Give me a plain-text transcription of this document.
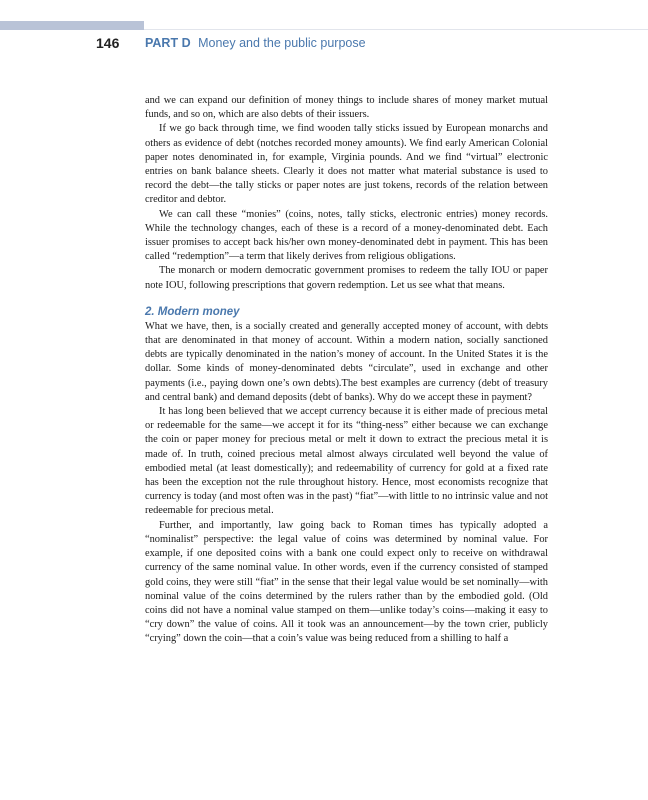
146 PART D Money and the public purpose

and we can expand our definition of money things to include shares of money market mutual funds, and so on, which are also debts of their issuers.

If we go back through time, we find wooden tally sticks issued by European monarchs and others as evidence of debt (notches recorded money amounts). We find early American Colonial paper notes denominated in, for example, Virginia pounds. And we find “virtual” electronic entries on bank balance sheets. Clearly it does not matter what material substance is used to record the debt—the tally sticks or paper notes are just tokens, records of the relation between creditor and debtor.

We can call these “monies” (coins, notes, tally sticks, electronic entries) money records. While the technology changes, each of these is a record of a money-denominated debt. Each issuer promises to accept back his/her own money-denominated debt in payment. This has been called “redemption”—a term that likely derives from religious obligations.

The monarch or modern democratic government promises to redeem the tally IOU or paper note IOU, following prescriptions that govern redemption. Let us see what that means.

2. Modern money

What we have, then, is a socially created and generally accepted money of account, with debts that are denominated in that money of account. Within a modern nation, socially sanctioned debts are typically denominated in the nation’s money of account. In the United States it is the dollar. Some kinds of money-denominated debts “circulate”, used in exchange and other payments (i.e., paying down one’s own debts).The best examples are currency (debt of treasury and central bank) and demand deposits (debt of banks). Why do we accept these in payment?

It has long been believed that we accept currency because it is either made of precious metal or redeemable for the same—we accept it for its “thing-ness” either because we can exchange the coin or paper money for precious metal or melt it down to extract the precious metal it is made of. In truth, coined precious metal almost always circulated well beyond the value of embodied metal (at least domestically); and redeemability of currency for gold at a fixed rate has been the exception not the rule throughout history. Hence, most economists recognize that currency is today (and most often was in the past) “fiat”—with little to no intrinsic value and not redeemable for precious metal.

Further, and importantly, law going back to Roman times has typically adopted a “nominalist” perspective: the legal value of coins was determined by nominal value. For example, if one deposited coins with a bank one could expect only to receive on withdrawal currency of the same nominal value. In other words, even if the currency consisted of stamped gold coins, they were still “fiat” in the sense that their legal value would be set nominally—with nominal value of the coins determined by the rulers rather than by the embodied gold. (Old coins did not have a nominal value stamped on them—unlike today’s coins—making it easy to “cry down” the value of coins. All it took was an announcement—by the town crier, publicly “crying” down the coin—that a coin’s value was being reduced from a shilling to half a
